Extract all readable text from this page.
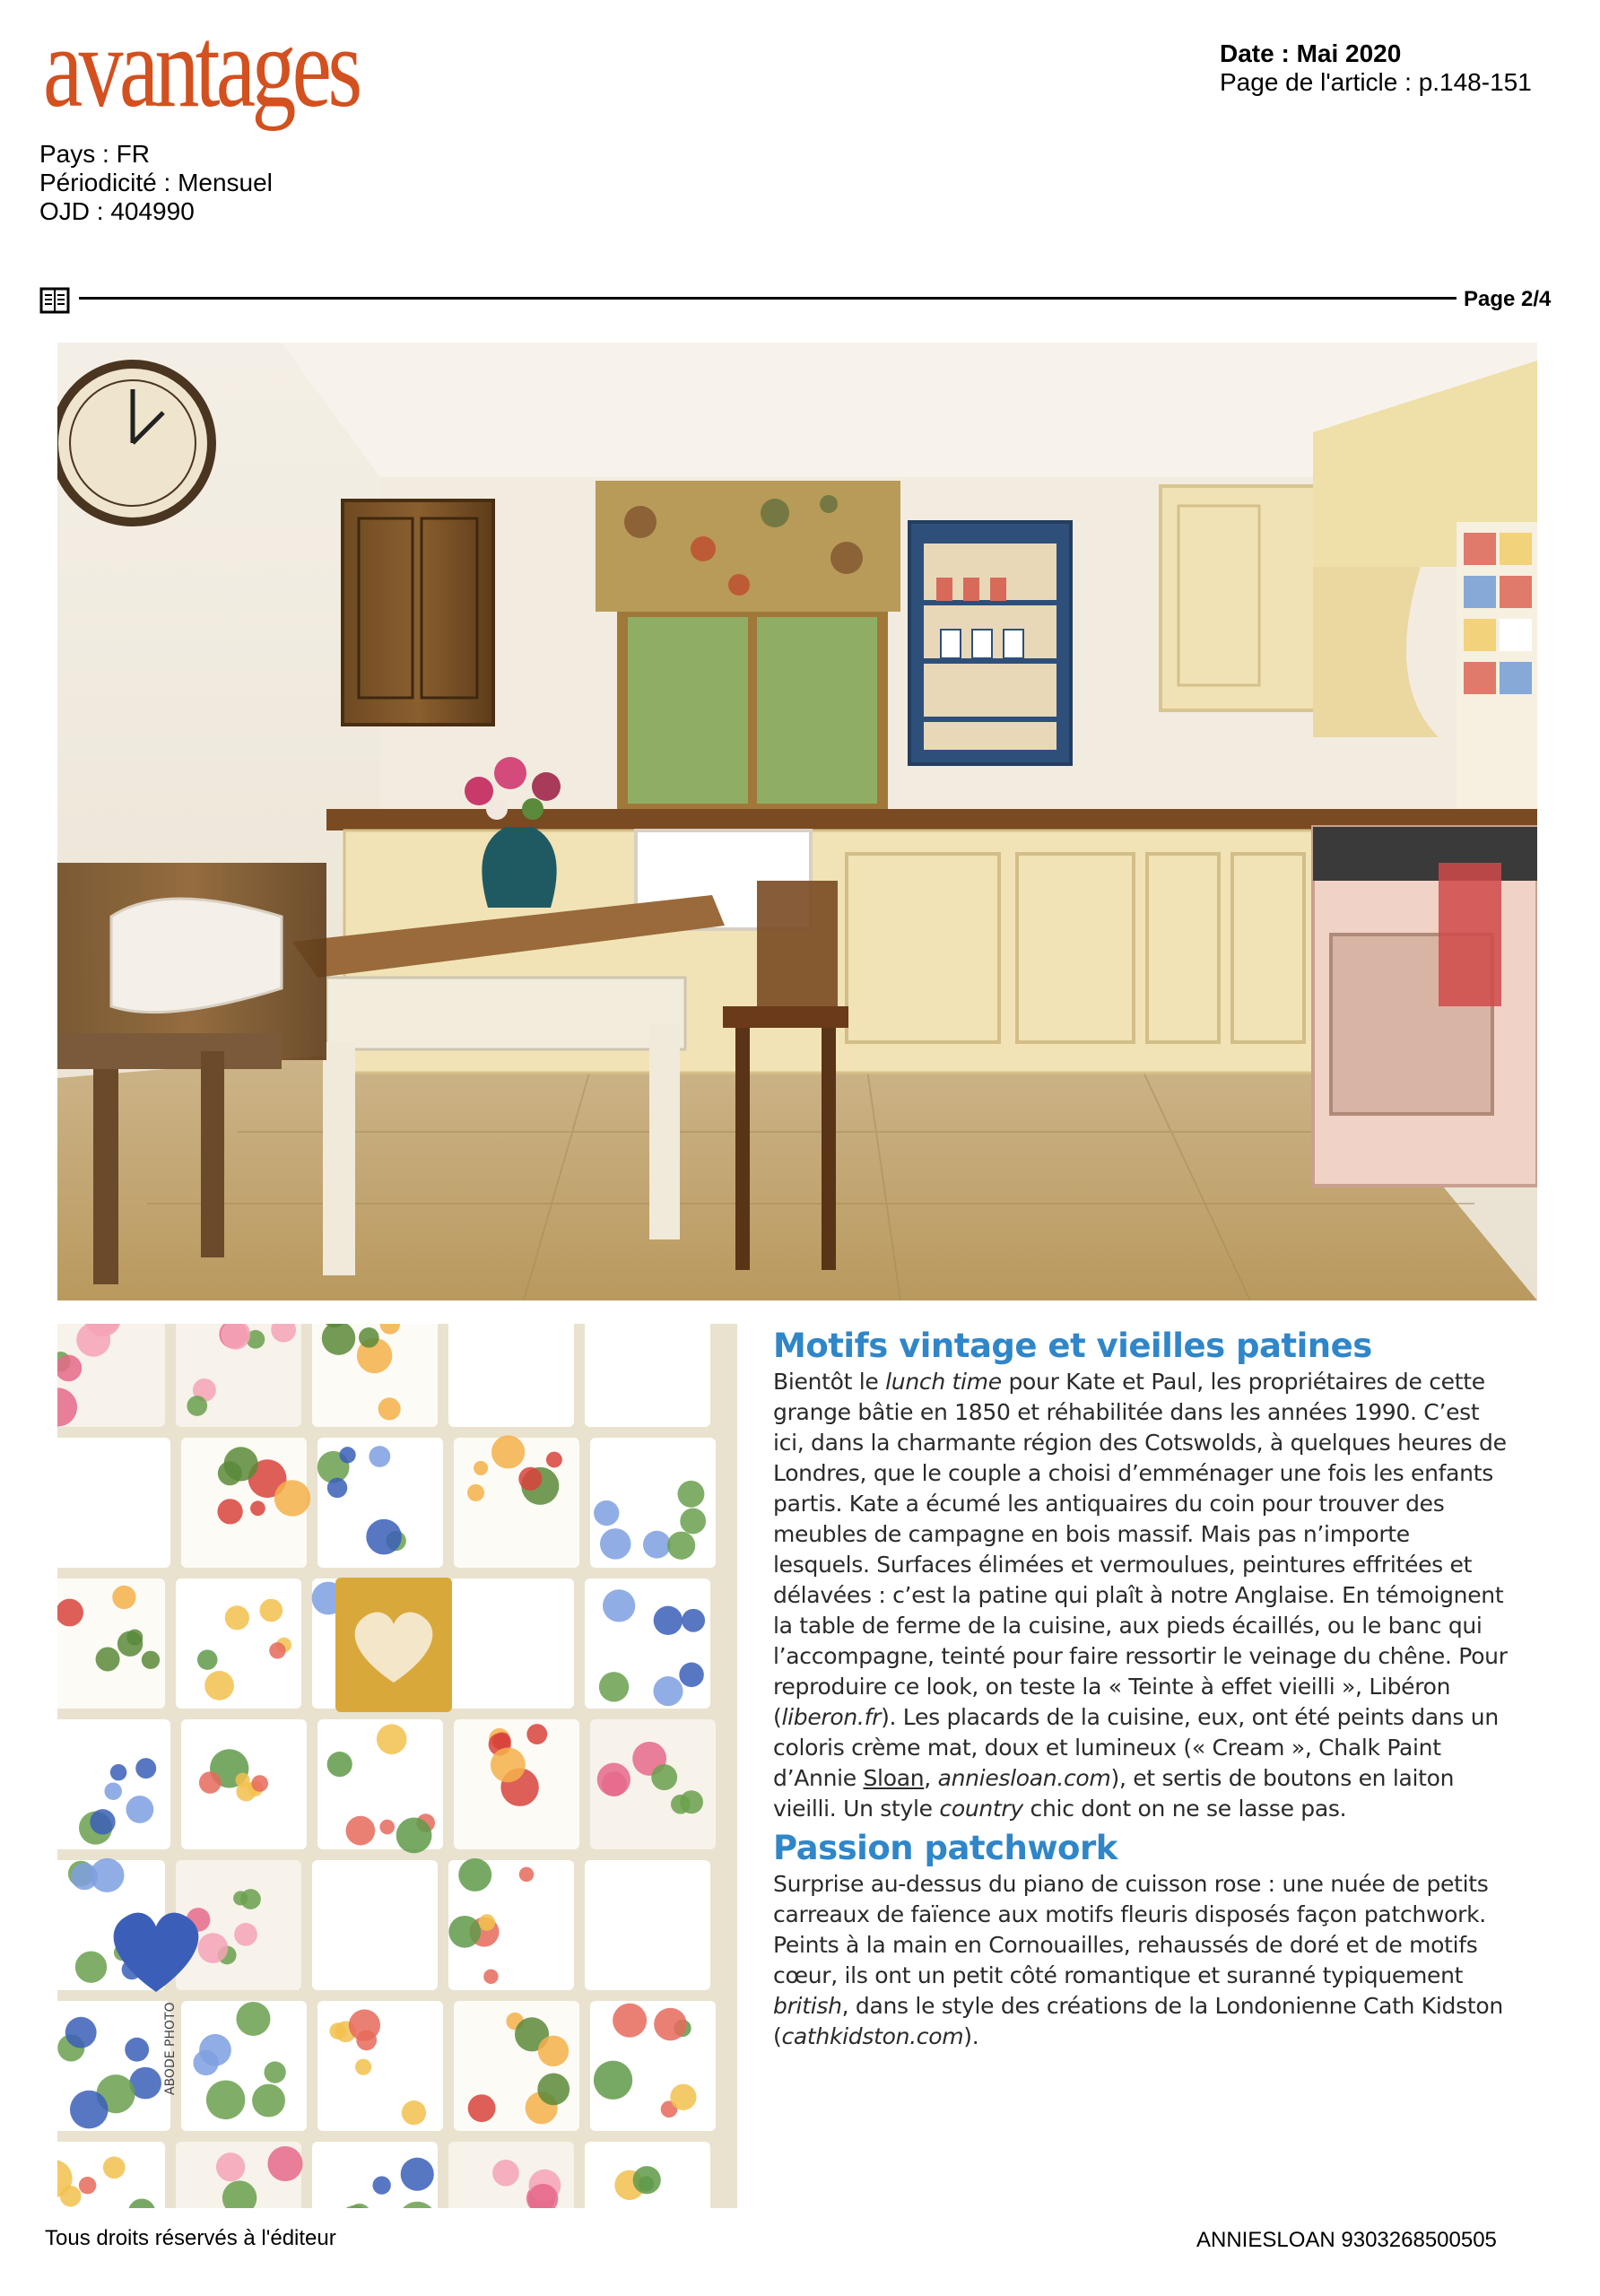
avantages	Date : Mai 2020
Page de l'article : p.148-151
Pays : FR
Périodicité : Mensuel
OJD : 404990
Page 2/4
ABODE PHOTO
Motifs vintage et vieilles patines

Bientôt le lunch time pour Kate et Paul, les propriétaires de cette grange bâtie en 1850 et réhabilitée dans les années 1990. C’est ici, dans la charmante région des Cotswolds, à quelques heures de Londres, que le couple a choisi d’emménager une fois les enfants partis. Kate a écumé les antiquaires du coin pour trouver des meubles de campagne en bois massif. Mais pas n’importe lesquels. Surfaces élimées et vermoulues, peintures effritées et délavées : c’est la patine qui plaît à notre Anglaise. En témoignent la table de ferme de la cuisine, aux pieds écaillés, ou le banc qui l’accompagne, teinté pour faire ressortir le veinage du chêne. Pour reproduire ce look, on teste la « Teinte à effet vieilli », Libéron (liberon.fr). Les placards de la cuisine, eux, ont été peints dans un coloris crème mat, doux et lumineux (« Cream », Chalk Paint d’Annie Sloan, anniesloan.com), et sertis de boutons en laiton vieilli. Un style country chic dont on ne se lasse pas.

Passion patchwork

Surprise au-dessus du piano de cuisson rose : une nuée de petits carreaux de faïence aux motifs fleuris disposés façon patchwork. Peints à la main en Cornouailles, rehaussés de doré et de motifs cœur, ils ont un petit côté romantique et suranné typiquement british, dans le style des créations de la Londonienne Cath Kidston (cathkidston.com).

Tous droits réservés à l'éditeur	ANNIESLOAN 9303268500505
